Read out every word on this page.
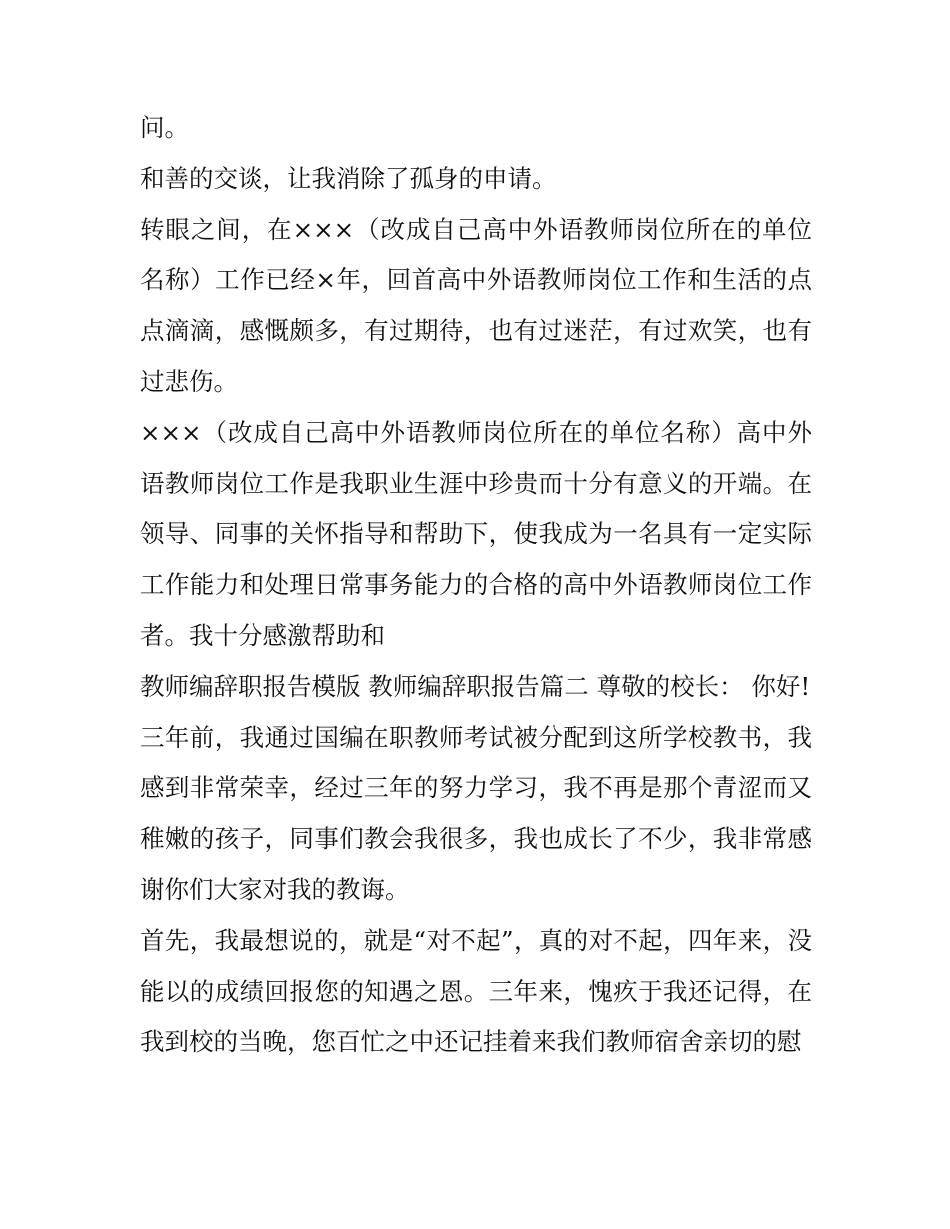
问。

和善的交谈，让我消除了孤身的申请。

转眼之间，在×××（改成自己高中外语教师岗位所在的单位名称）工作已经×年，回首高中外语教师岗位工作和生活的点点滴滴，感慨颇多，有过期待，也有过迷茫，有过欢笑，也有过悲伤。

×××（改成自己高中外语教师岗位所在的单位名称）高中外语教师岗位工作是我职业生涯中珍贵而十分有意义的开端。在领导、同事的关怀指导和帮助下，使我成为一名具有一定实际工作能力和处理日常事务能力的合格的高中外语教师岗位工作者。我十分感激帮助和

教师编辞职报告模版 教师编辞职报告篇二 尊敬的校长： 你好!

三年前，我通过国编在职教师考试被分配到这所学校教书，我感到非常荣幸，经过三年的努力学习，我不再是那个青涩而又稚嫩的孩子，同事们教会我很多，我也成长了不少，我非常感谢你们大家对我的教诲。

首先，我最想说的，就是“对不起”，真的对不起，四年来，没能以的成绩回报您的知遇之恩。三年来，愧疚于我还记得，在我到校的当晚，您百忙之中还记挂着来我们教师宿舍亲切的慰
